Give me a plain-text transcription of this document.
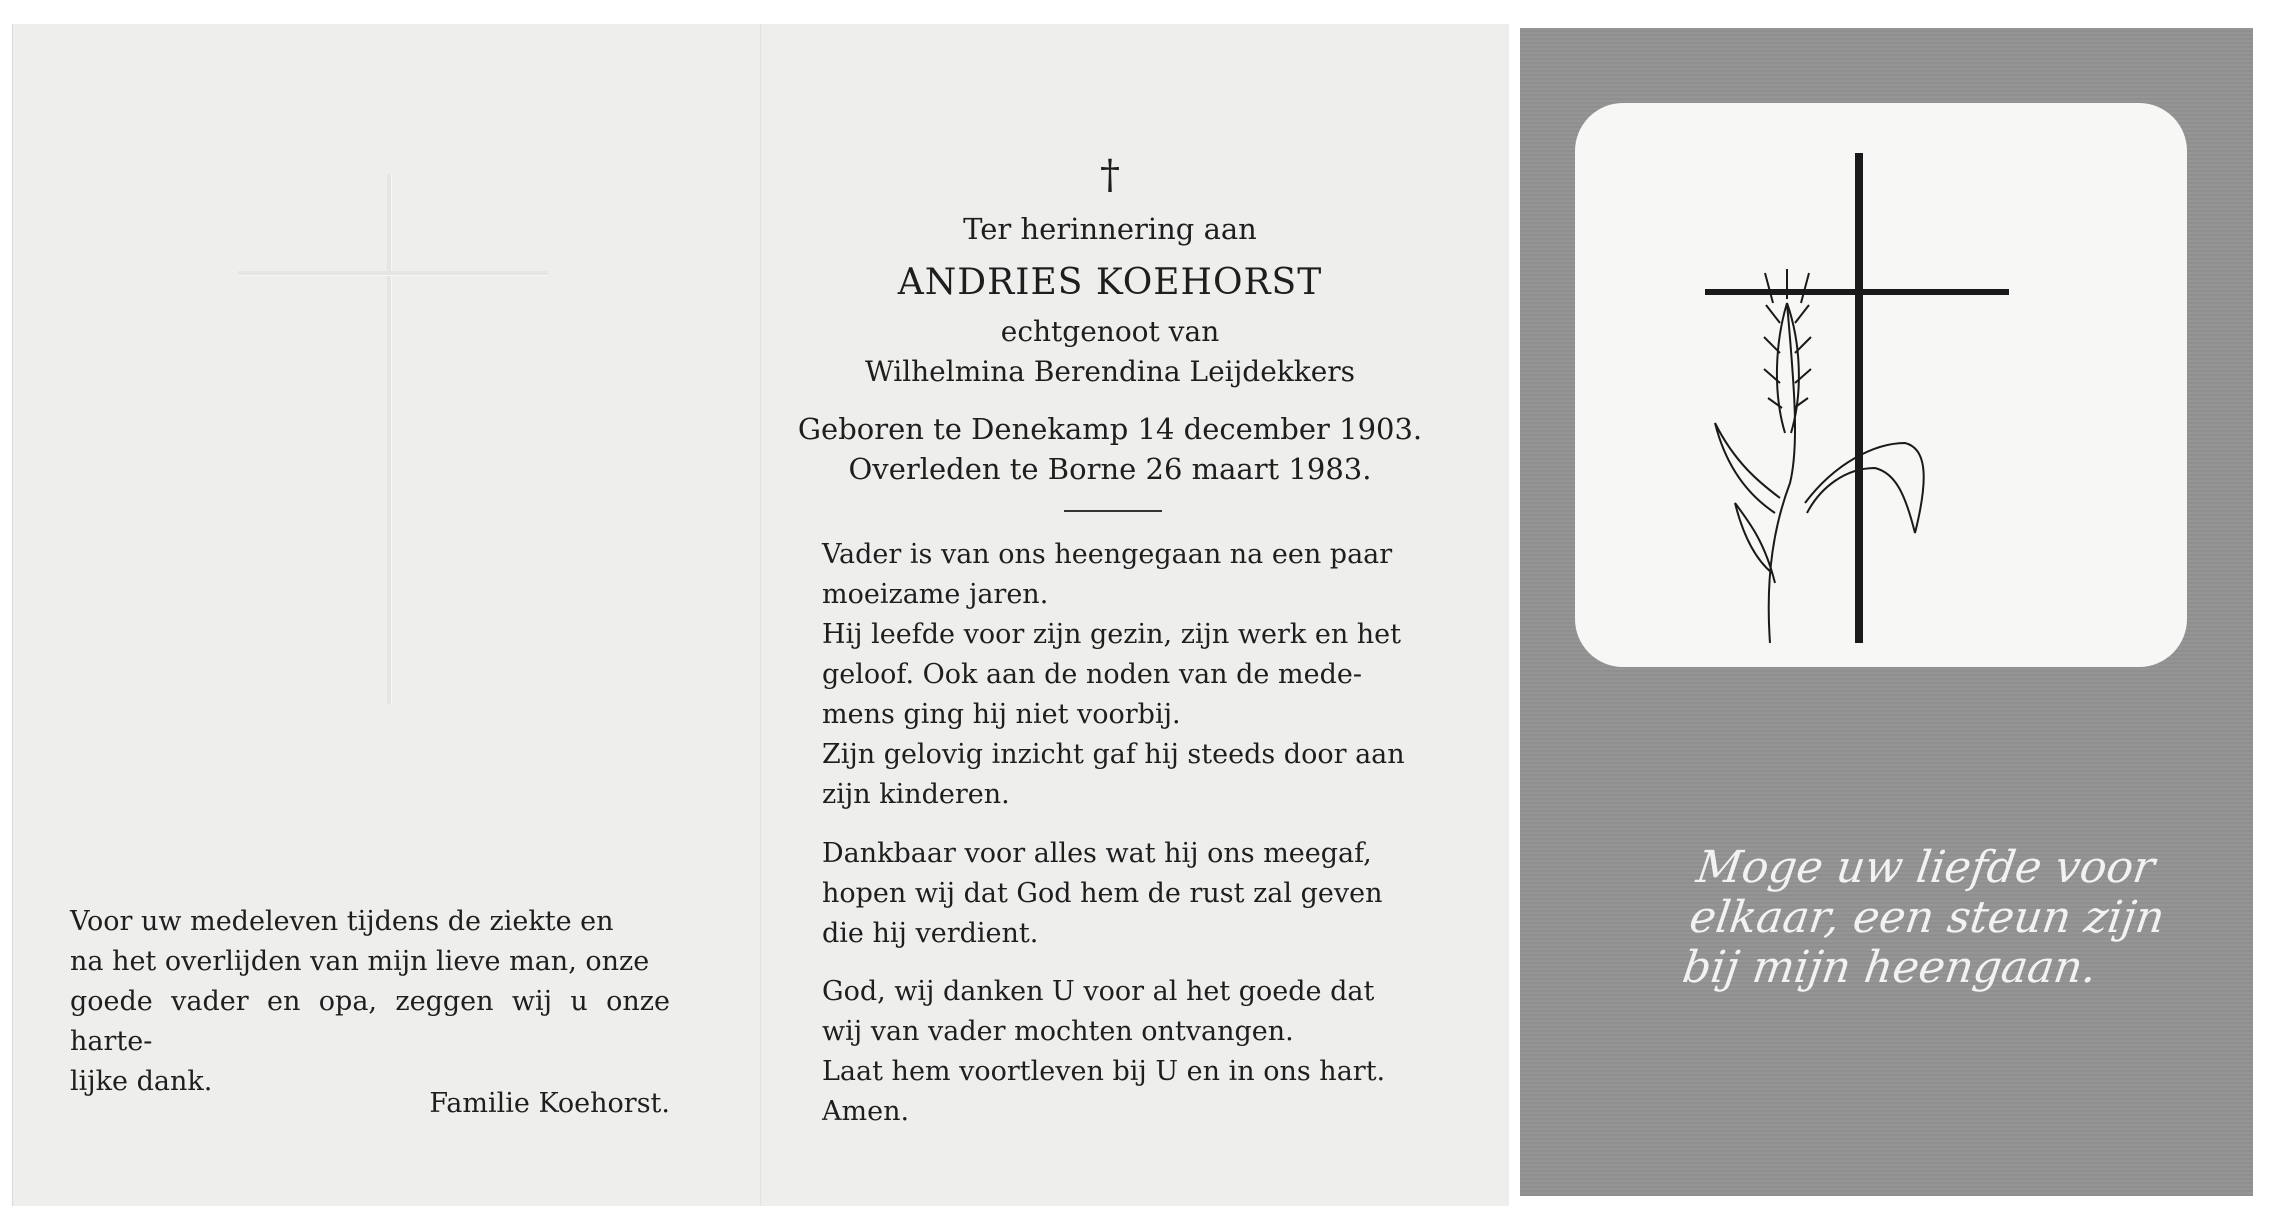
Voor uw medeleven tijdens de ziekte en
na het overlijden van mijn lieve man, onze
goede vader en opa, zeggen wij u onze harte-
lijke dank.
Familie Koehorst.
†
Ter herinnering aan
ANDRIES KOEHORST
echtgenoot van
Wilhelmina Berendina Leijdekkers
Geboren te Denekamp 14 december 1903.
Overleden te Borne 26 maart 1983.
Vader is van ons heengegaan na een paar
moeizame jaren.
Hij leefde voor zijn gezin, zijn werk en het
geloof. Ook aan de noden van de mede-
mens ging hij niet voorbij.
Zijn gelovig inzicht gaf hij steeds door aan
zijn kinderen.
Dankbaar voor alles wat hij ons meegaf,
hopen wij dat God hem de rust zal geven
die hij verdient.
God, wij danken U voor al het goede dat
wij van vader mochten ontvangen.
Laat hem voortleven bij U en in ons hart.
Amen.
Moge uw liefde voor
elkaar, een steun zijn
bij mijn heengaan.
